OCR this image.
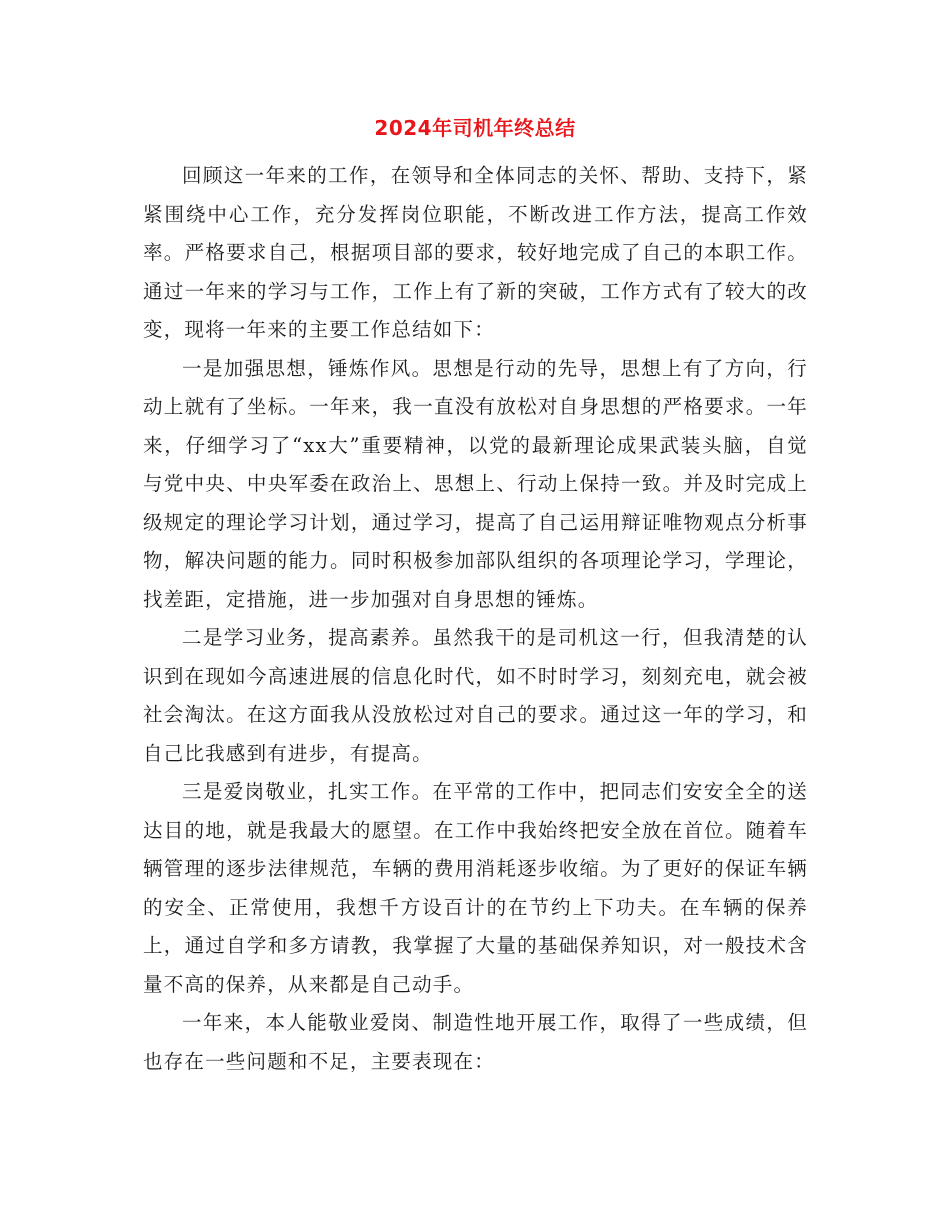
2024年司机年终总结

回顾这一年来的工作，在领导和全体同志的关怀、帮助、支持下，紧紧围绕中心工作，充分发挥岗位职能，不断改进工作方法，提高工作效率。严格要求自己，根据项目部的要求，较好地完成了自己的本职工作。通过一年来的学习与工作，工作上有了新的突破，工作方式有了较大的改变，现将一年来的主要工作总结如下：

一是加强思想，锤炼作风。思想是行动的先导，思想上有了方向，行动上就有了坐标。一年来，我一直没有放松对自身思想的严格要求。一年来，仔细学习了“xx大”重要精神，以党的最新理论成果武装头脑，自觉与党中央、中央军委在政治上、思想上、行动上保持一致。并及时完成上级规定的理论学习计划，通过学习，提高了自己运用辩证唯物观点分析事物，解决问题的能力。同时积极参加部队组织的各项理论学习，学理论，找差距，定措施，进一步加强对自身思想的锤炼。

二是学习业务，提高素养。虽然我干的是司机这一行，但我清楚的认识到在现如今高速进展的信息化时代，如不时时学习，刻刻充电，就会被社会淘汰。在这方面我从没放松过对自己的要求。通过这一年的学习，和自己比我感到有进步，有提高。

三是爱岗敬业，扎实工作。在平常的工作中，把同志们安安全全的送达目的地，就是我最大的愿望。在工作中我始终把安全放在首位。随着车辆管理的逐步法律规范，车辆的费用消耗逐步收缩。为了更好的保证车辆的安全、正常使用，我想千方设百计的在节约上下功夫。在车辆的保养上，通过自学和多方请教，我掌握了大量的基础保养知识，对一般技术含量不高的保养，从来都是自己动手。

一年来，本人能敬业爱岗、制造性地开展工作，取得了一些成绩，但也存在一些问题和不足，主要表现在：
